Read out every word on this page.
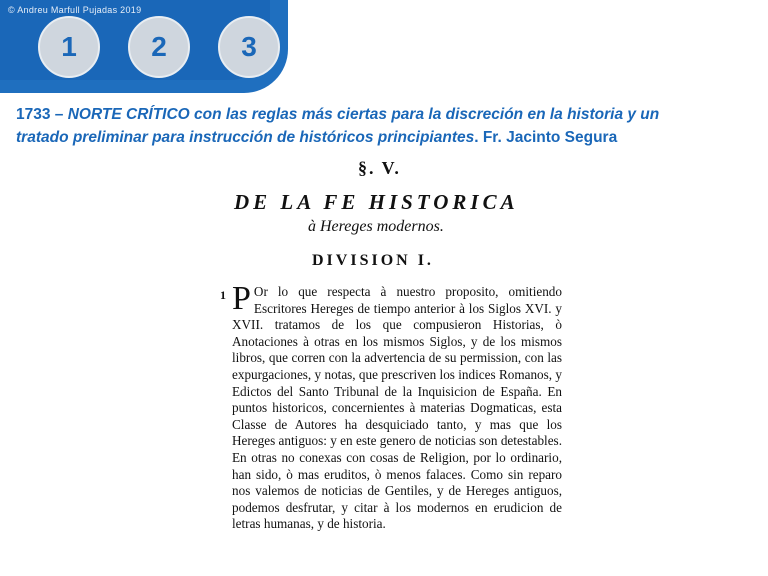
© Andreu Marfull Pujadas 2019
1	2	3
1733 – NORTE CRÍTICO con las reglas más ciertas para la discreción en la historia y un tratado preliminar para instrucción de históricos principiantes. Fr. Jacinto Segura
§. V.
DE LA FE HISTORICA
à Hereges modernos.
DIVISION I.
1 P Or lo que respecta à nuestro proposito, omitiendo Escritores Hereges de tiempo anterior à los Siglos XVI. y XVII. tratamos de los que compusieron Historias, ò Anotaciones à otras en los mismos Siglos, y de los mismos libros, que corren con la advertencia de su permission, con las expurgaciones, y notas, que prescriven los indices Romanos, y Edictos del Santo Tribunal de la Inquisicion de España. En puntos historicos, concernientes à materias Dogmaticas, esta Classe de Autores ha desquiciado tanto, y mas que los Hereges antiguos: y en este genero de noticias son detestables. En otras no conexas con cosas de Religion, por lo ordinario, han sido, ò mas eruditos, ò menos falaces. Como sin reparo nos valemos de noticias de Gentiles, y de Hereges antiguos, podemos desfrutar, y citar à los modernos en erudicion de letras humanas, y de historia.
